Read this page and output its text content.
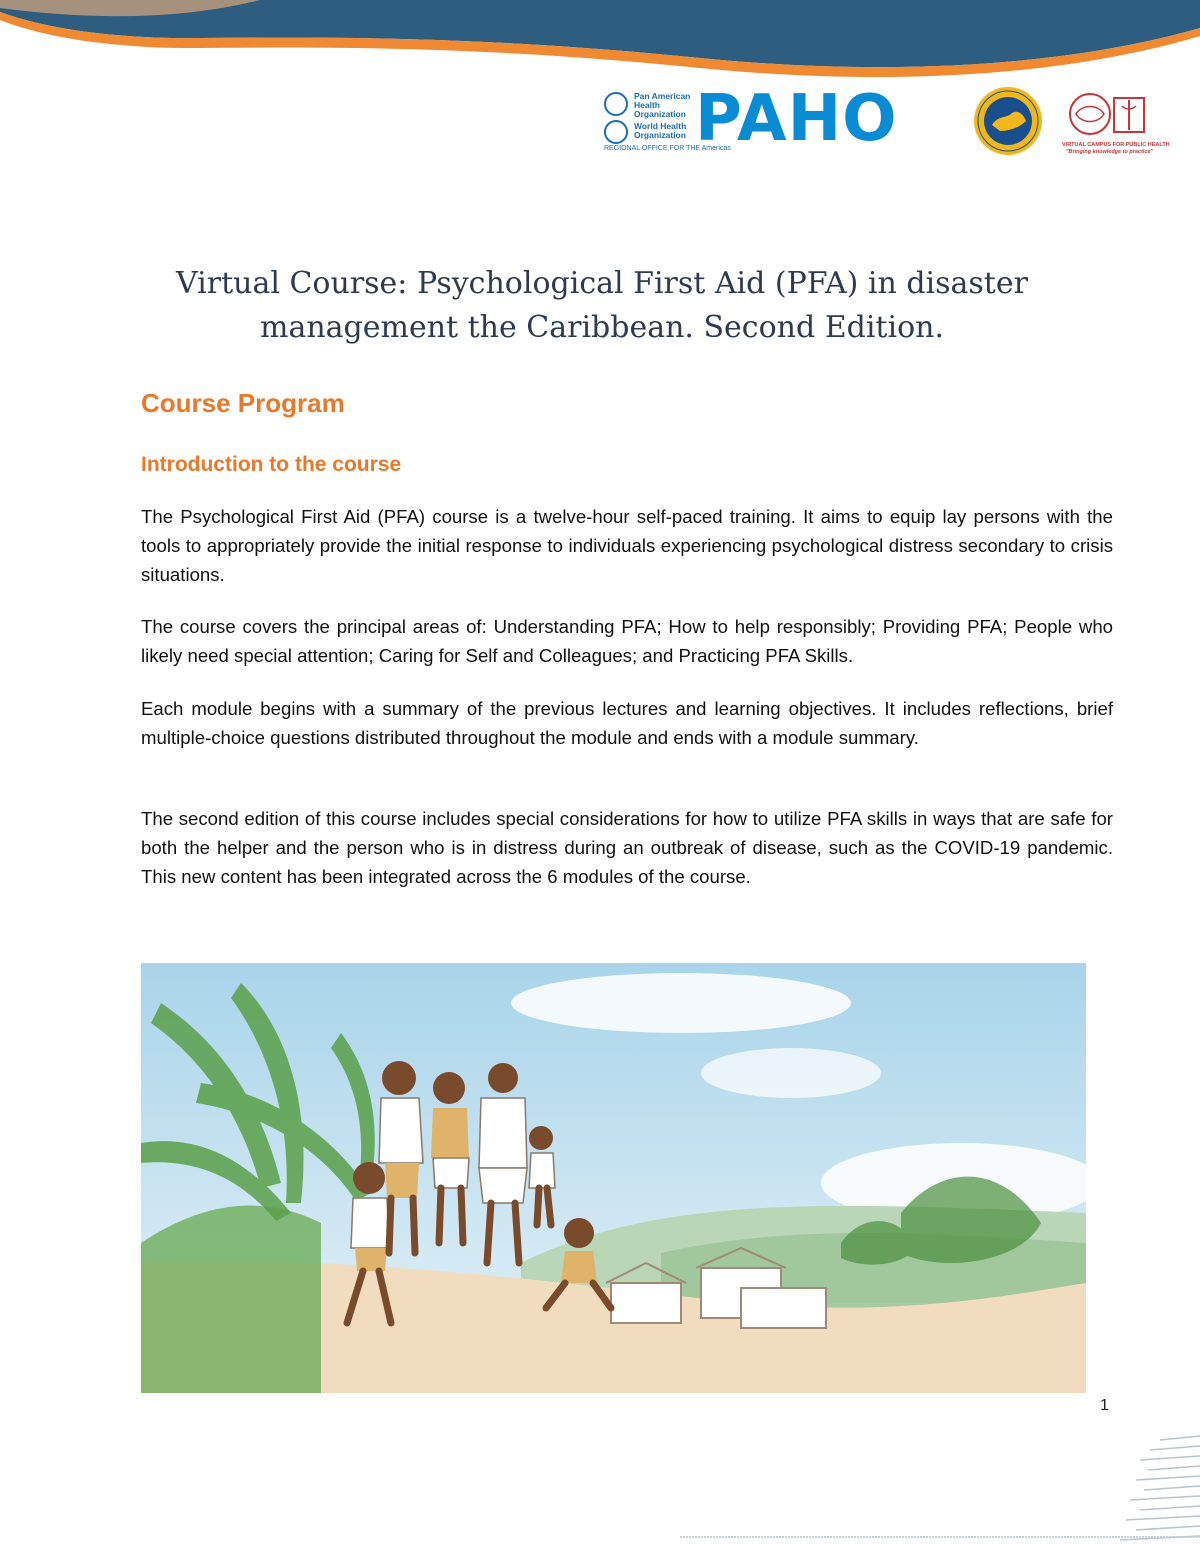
Pan American
Health
Organization
World Health
Organization
REGIONAL OFFICE FOR THE Americas
PAHO	VIRTUAL CAMPUS FOR PUBLIC HEALTH
"Bringing knowledge to practice"
Virtual Course: Psychological First Aid (PFA) in disaster management the Caribbean. Second Edition.
Course Program
Introduction to the course

The Psychological First Aid (PFA) course is a twelve-hour self-paced training. It aims to equip lay persons with the tools to appropriately provide the initial response to individuals experiencing psychological distress secondary to crisis situations.

The course covers the principal areas of: Understanding PFA; How to help responsibly; Providing PFA; People who likely need special attention; Caring for Self and Colleagues; and Practicing PFA Skills.

Each module begins with a summary of the previous lectures and learning objectives. It includes reflections, brief multiple-choice questions distributed throughout the module and ends with a module summary.

The second edition of this course includes special considerations for how to utilize PFA skills in ways that are safe for both the helper and the person who is in distress during an outbreak of disease, such as the COVID-19 pandemic. This new content has been integrated across the 6 modules of the course.

1
